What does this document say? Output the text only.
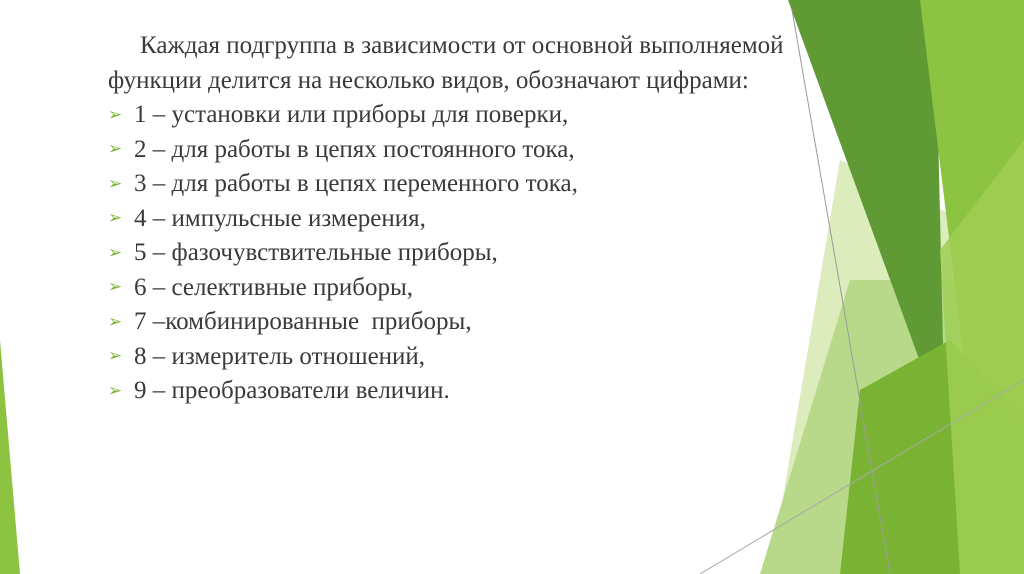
Каждая подгруппа в зависимости от основной выполняемой функции делится на несколько видов, обозначают цифрами:

➢ 1 – установки или приборы для поверки,
➢ 2 – для работы в цепях постоянного тока,
➢ 3 – для работы в цепях переменного тока,
➢ 4 – импульсные измерения,
➢ 5 – фазочувствительные приборы,
➢ 6 – селективные приборы,
➢ 7 –комбинированные  приборы,
➢ 8 – измеритель отношений,
➢ 9 – преобразователи величин.
